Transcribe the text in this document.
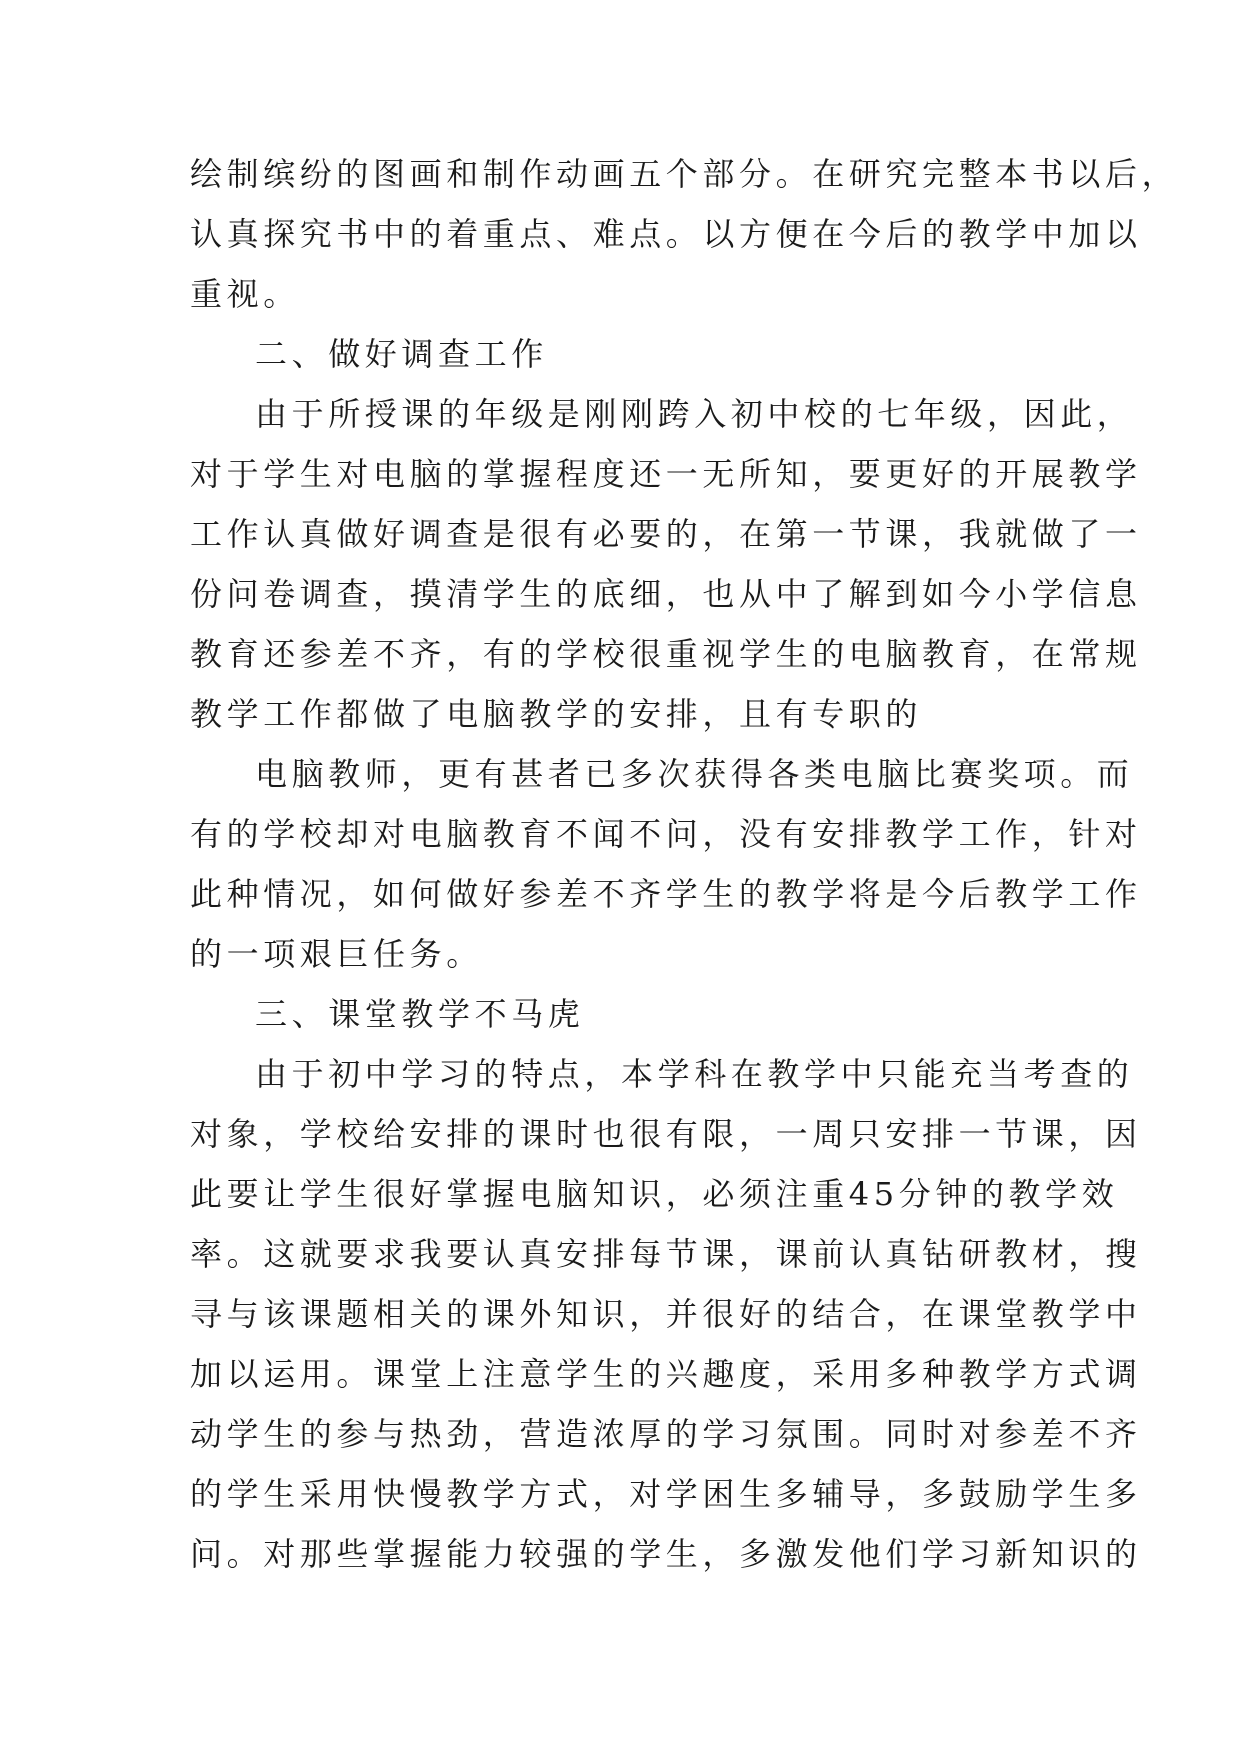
绘制缤纷的图画和制作动画五个部分。在研究完整本书以后，
认真探究书中的着重点、难点。以方便在今后的教学中加以
重视。
二、做好调查工作
由于所授课的年级是刚刚跨入初中校的七年级，因此，
对于学生对电脑的掌握程度还一无所知，要更好的开展教学
工作认真做好调查是很有必要的，在第一节课，我就做了一
份问卷调查，摸清学生的底细，也从中了解到如今小学信息
教育还参差不齐，有的学校很重视学生的电脑教育，在常规
教学工作都做了电脑教学的安排，且有专职的
电脑教师，更有甚者已多次获得各类电脑比赛奖项。而
有的学校却对电脑教育不闻不问，没有安排教学工作，针对
此种情况，如何做好参差不齐学生的教学将是今后教学工作
的一项艰巨任务。
三、课堂教学不马虎
由于初中学习的特点，本学科在教学中只能充当考查的
对象，学校给安排的课时也很有限，一周只安排一节课，因
此要让学生很好掌握电脑知识，必须注重45分钟的教学效
率。这就要求我要认真安排每节课，课前认真钻研教材，搜
寻与该课题相关的课外知识，并很好的结合，在课堂教学中
加以运用。课堂上注意学生的兴趣度，采用多种教学方式调
动学生的参与热劲，营造浓厚的学习氛围。同时对参差不齐
的学生采用快慢教学方式，对学困生多辅导，多鼓励学生多
问。对那些掌握能力较强的学生，多激发他们学习新知识的
